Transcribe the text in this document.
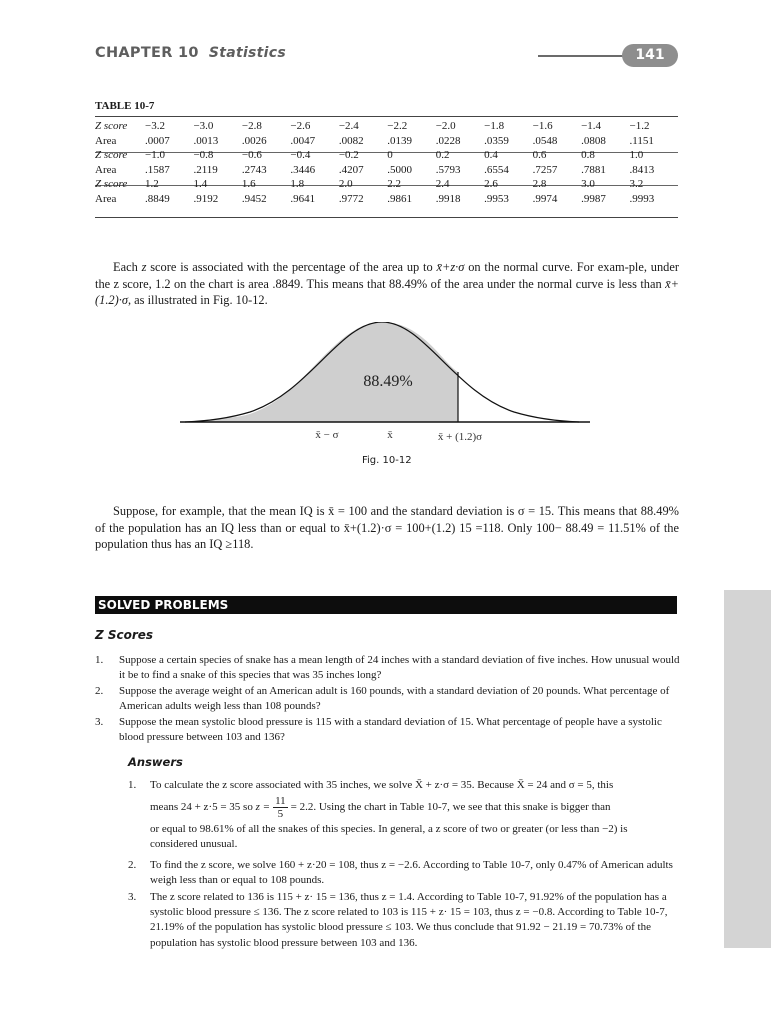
CHAPTER 10 Statistics	141
TABLE 10-7
Z score	−3.2	−3.0	−2.8	−2.6	−2.4	−2.2	−2.0	−1.8	−1.6	−1.4	−1.2
Area	.0007	.0013	.0026	.0047	.0082	.0139	.0228	.0359	.0548	.0808	.1151
Z score	−1.0	−0.8	−0.6	−0.4	−0.2	0	0.2	0.4	0.6	0.8	1.0
Area	.1587	.2119	.2743	.3446	.4207	.5000	.5793	.6554	.7257	.7881	.8413
Z score	1.2	1.4	1.6	1.8	2.0	2.2	2.4	2.6	2.8	3.0	3.2
Area	.8849	.9192	.9452	.9641	.9772	.9861	.9918	.9953	.9974	.9987	.9993

Each z score is associated with the percentage of the area up to x̄+z·σ on the normal curve. For exam-ple, under the z score, 1.2 on the chart is area .8849. This means that 88.49% of the area under the normal curve is less than x̄+ (1.2)·σ, as illustrated in Fig. 10-12.

88.49%
x̄ − σ	x̄	x̄ + (1.2)σ
Fig. 10-12

Suppose, for example, that the mean IQ is x̄ = 100 and the standard deviation is σ = 15. This means that 88.49% of the population has an IQ less than or equal to x̄+(1.2)·σ = 100+(1.2) 15 =118. Only 100− 88.49 = 11.51% of the population thus has an IQ ≥118.

SOLVED PROBLEMS
Z Scores
1. Suppose a certain species of snake has a mean length of 24 inches with a standard deviation of five inches. How unusual would it be to find a snake of this species that was 35 inches long?
2. Suppose the average weight of an American adult is 160 pounds, with a standard deviation of 20 pounds. What percentage of American adults weigh less than 108 pounds?
3. Suppose the mean systolic blood pressure is 115 with a standard deviation of 15. What percentage of people have a systolic blood pressure between 103 and 136?
Answers
1. To calculate the z score associated with 35 inches, we solve X̄ + z·σ = 35. Because X̄ = 24 and σ = 5, this
means 24 + z·5 = 35 so $z = \frac{11}{5} = 2.2$. Using the chart in Table 10-7, we see that this snake is bigger than
or equal to 98.61% of all the snakes of this species. In general, a z score of two or greater (or less than −2) is considered unusual.
2. To find the z score, we solve 160 + z·20 = 108, thus z = −2.6. According to Table 10-7, only 0.47% of American adults weigh less than or equal to 108 pounds.
3. The z score related to 136 is 115 + z· 15 = 136, thus z = 1.4. According to Table 10-7, 91.92% of the population has a systolic blood pressure ≤ 136. The z score related to 103 is 115 + z· 15 = 103, thus z = −0.8. According to Table 10-7, 21.19% of the population has systolic blood pressure ≤ 103. We thus conclude that 91.92 − 21.19 = 70.73% of the population has systolic blood pressure between 103 and 136.
